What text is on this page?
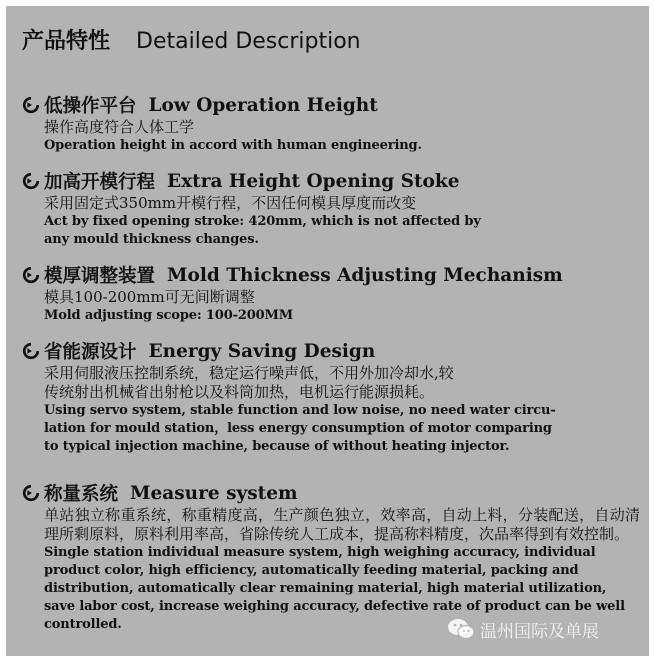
产品特性 Detailed Description
低操作平台 Low Operation Height
操作高度符合人体工学
Operation height in accord with human engineering.
加高开模行程 Extra Height Opening Stoke
采用固定式350mm开模行程，不因任何模具厚度而改变
Act by fixed opening stroke: 420mm, which is not affected by
any mould thickness changes.
模厚调整装置 Mold Thickness Adjusting Mechanism
模具100-200mm可无间断调整
Mold adjusting scope: 100-200MM
省能源设计 Energy Saving Design
采用伺服液压控制系统，稳定运行噪声低，不用外加冷却水,较
传统射出机械省出射枪以及料筒加热，电机运行能源损耗。
Using servo system, stable function and low noise, no need water circu-
lation for mould station，less energy consumption of motor comparing
to typical injection machine, because of without heating injector.
称量系统 Measure system
单站独立称重系统，称重精度高，生产颜色独立，效率高，自动上料，分装配送，自动清理所剩原料，原料利用率高，省除传统人工成本，提高称料精度，次品率得到有效控制。
Single station individual measure system, high weighing accuracy, individual product color, high efficiency, automatically feeding material, packing and distribution, automatically clear remaining material, high material utilization, save labor cost, increase weighing accuracy, defective rate of product can be well controlled.	温州国际及单展
